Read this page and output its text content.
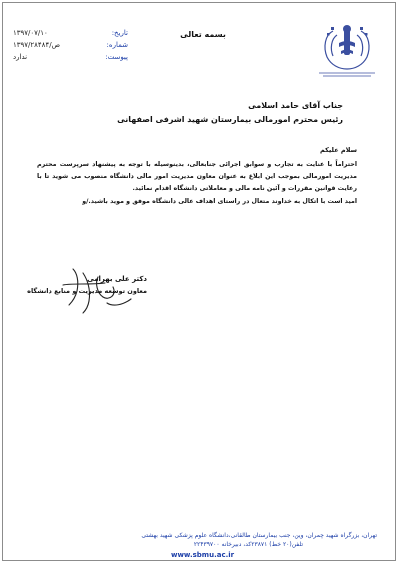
بسمه تعالی
تاریخ:
۱۳۹۷/۰۷/۱۰
شماره:
۱۳۹۷/ص/۲۸۴۸۴
پیوست:
ندارد
جناب آقای حامد اسلامی
رئیس محترم امورمالی بیمارستان شهید اشرفی اصفهانی
سلام علیکم
احتراماً با عنایت به تجارب و سوابق اجرائی جنابعالی، بدینوسیله با توجه به پیشنهاد سرپرست محترم مدیریت امورمالی بموجب این ابلاغ به عنوان معاون مدیریت امور مالی دانشگاه منصوب می شوید تا با رعایت قوانین مقررات و آئین نامه مالی و معاملاتی دانشگاه اقدام نمائید.
امید است با اتکال به خداوند متعال در راستای اهداف عالی دانشگاه موفق و موید باشید./و
دکتر علی بهرامی
معاون توسعه مدیریت و منابع دانشگاه
تهران، بزرگراه شهید چمران، وین، جنب بیمارستان طالقانی،دانشگاه علوم پزشکی شهید بهشتی
تلفن(۲۰ خط) ۲۳۸۷۱کد، دبیرخانه ۲۲۴۳۹۷۰۰
www.sbmu.ac.ir
